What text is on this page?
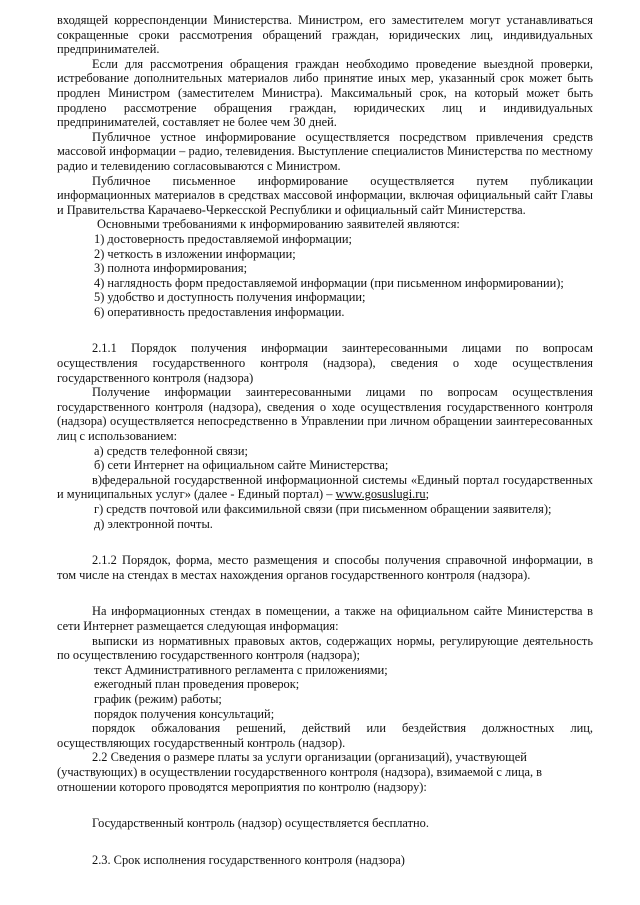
входящей корреспонденции Министерства. Министром, его заместителем могут устанавливаться сокращенные сроки рассмотрения обращений граждан, юридических лиц, индивидуальных предпринимателей.

Если для рассмотрения обращения граждан необходимо проведение выездной проверки, истребование дополнительных материалов либо принятие иных мер, указанный срок может быть продлен Министром (заместителем Министра). Максимальный срок, на который может быть продлено рассмотрение обращения граждан, юридических лиц и индивидуальных предпринимателей, составляет не более чем 30 дней.

Публичное устное информирование осуществляется посредством привлечения средств массовой информации – радио, телевидения. Выступление специалистов Министерства по местному радио и телевидению согласовываются с Министром.

Публичное письменное информирование осуществляется путем публикации информационных материалов в средствах массовой информации, включая официальный сайт Главы и Правительства Карачаево-Черкесской Республики и официальный сайт Министерства.

Основными требованиями к информированию заявителей являются:

1) достоверность предоставляемой информации;

2) четкость в изложении информации;

3) полнота информирования;

4) наглядность форм предоставляемой информации (при письменном информировании);

5) удобство и доступность получения информации;

6) оперативность предоставления информации.

2.1.1 Порядок получения информации заинтересованными лицами по вопросам осуществления государственного контроля (надзора), сведения о ходе осуществления государственного контроля (надзора)

Получение информации заинтересованными лицами по вопросам осуществления государственного контроля (надзора), сведения о ходе осуществления государственного контроля (надзора) осуществляется непосредственно в Управлении при личном обращении заинтересованных лиц с использованием:

а) средств телефонной связи;

б) сети Интернет на официальном сайте Министерства;

в)федеральной государственной информационной системы «Единый портал государственных и муниципальных услуг» (далее - Единый портал) – www.gosuslugi.ru;

г) средств почтовой или факсимильной связи (при письменном обращении заявителя);

д) электронной почты.

2.1.2 Порядок, форма, место размещения и способы получения справочной информации, в том числе на стендах в местах нахождения органов государственного контроля (надзора).

На информационных стендах в помещении, а также на официальном сайте Министерства в сети Интернет размещается следующая информация:

выписки из нормативных правовых актов, содержащих нормы, регулирующие деятельность по осуществлению государственного контроля (надзора);

текст Административного регламента с приложениями;

ежегодный план проведения проверок;

график (режим) работы;

порядок получения консультаций;

порядок обжалования решений, действий или бездействия должностных лиц, осуществляющих государственный контроль (надзор).

2.2 Сведения о размере платы за услуги организации (организаций), участвующей (участвующих) в осуществлении государственного контроля (надзора), взимаемой с лица, в отношении которого проводятся мероприятия по контролю (надзору):

Государственный контроль (надзор) осуществляется бесплатно.

2.3. Срок исполнения государственного контроля (надзора)
